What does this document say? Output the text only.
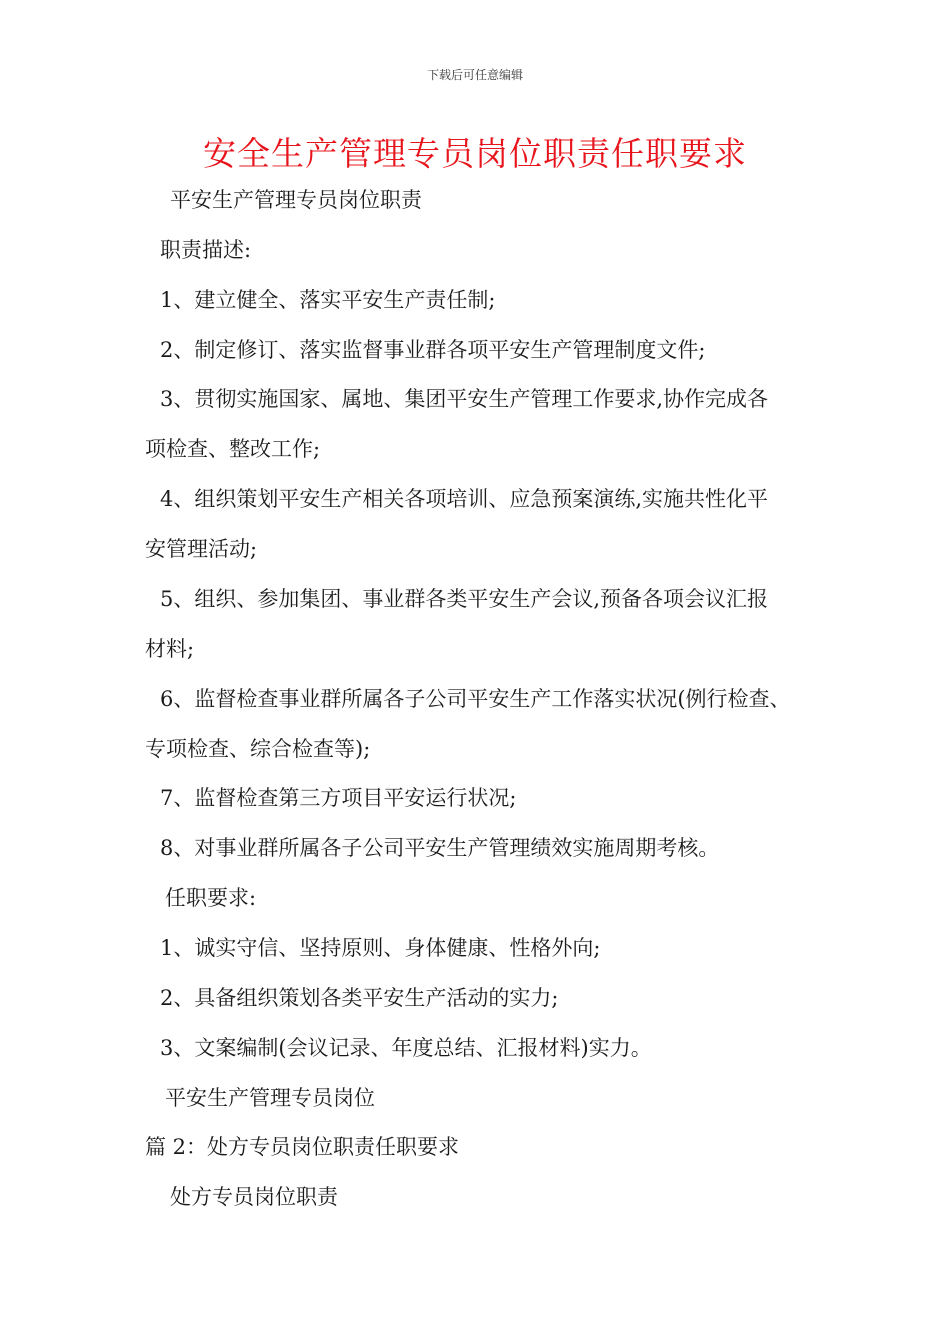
下载后可任意编辑
安全生产管理专员岗位职责任职要求
平安生产管理专员岗位职责
职责描述:
1、建立健全、落实平安生产责任制;
2、制定修订、落实监督事业群各项平安生产管理制度文件;
3、贯彻实施国家、属地、集团平安生产管理工作要求,协作完成各
项检查、整改工作;
4、组织策划平安生产相关各项培训、应急预案演练,实施共性化平
安管理活动;
5、组织、参加集团、事业群各类平安生产会议,预备各项会议汇报
材料;
6、监督检查事业群所属各子公司平安生产工作落实状况(例行检查、
专项检查、综合检查等);
7、监督检查第三方项目平安运行状况;
8、对事业群所属各子公司平安生产管理绩效实施周期考核。
任职要求:
1、诚实守信、坚持原则、身体健康、性格外向;
2、具备组织策划各类平安生产活动的实力;
3、文案编制(会议记录、年度总结、汇报材料)实力。
平安生产管理专员岗位
篇 2：处方专员岗位职责任职要求
处方专员岗位职责
